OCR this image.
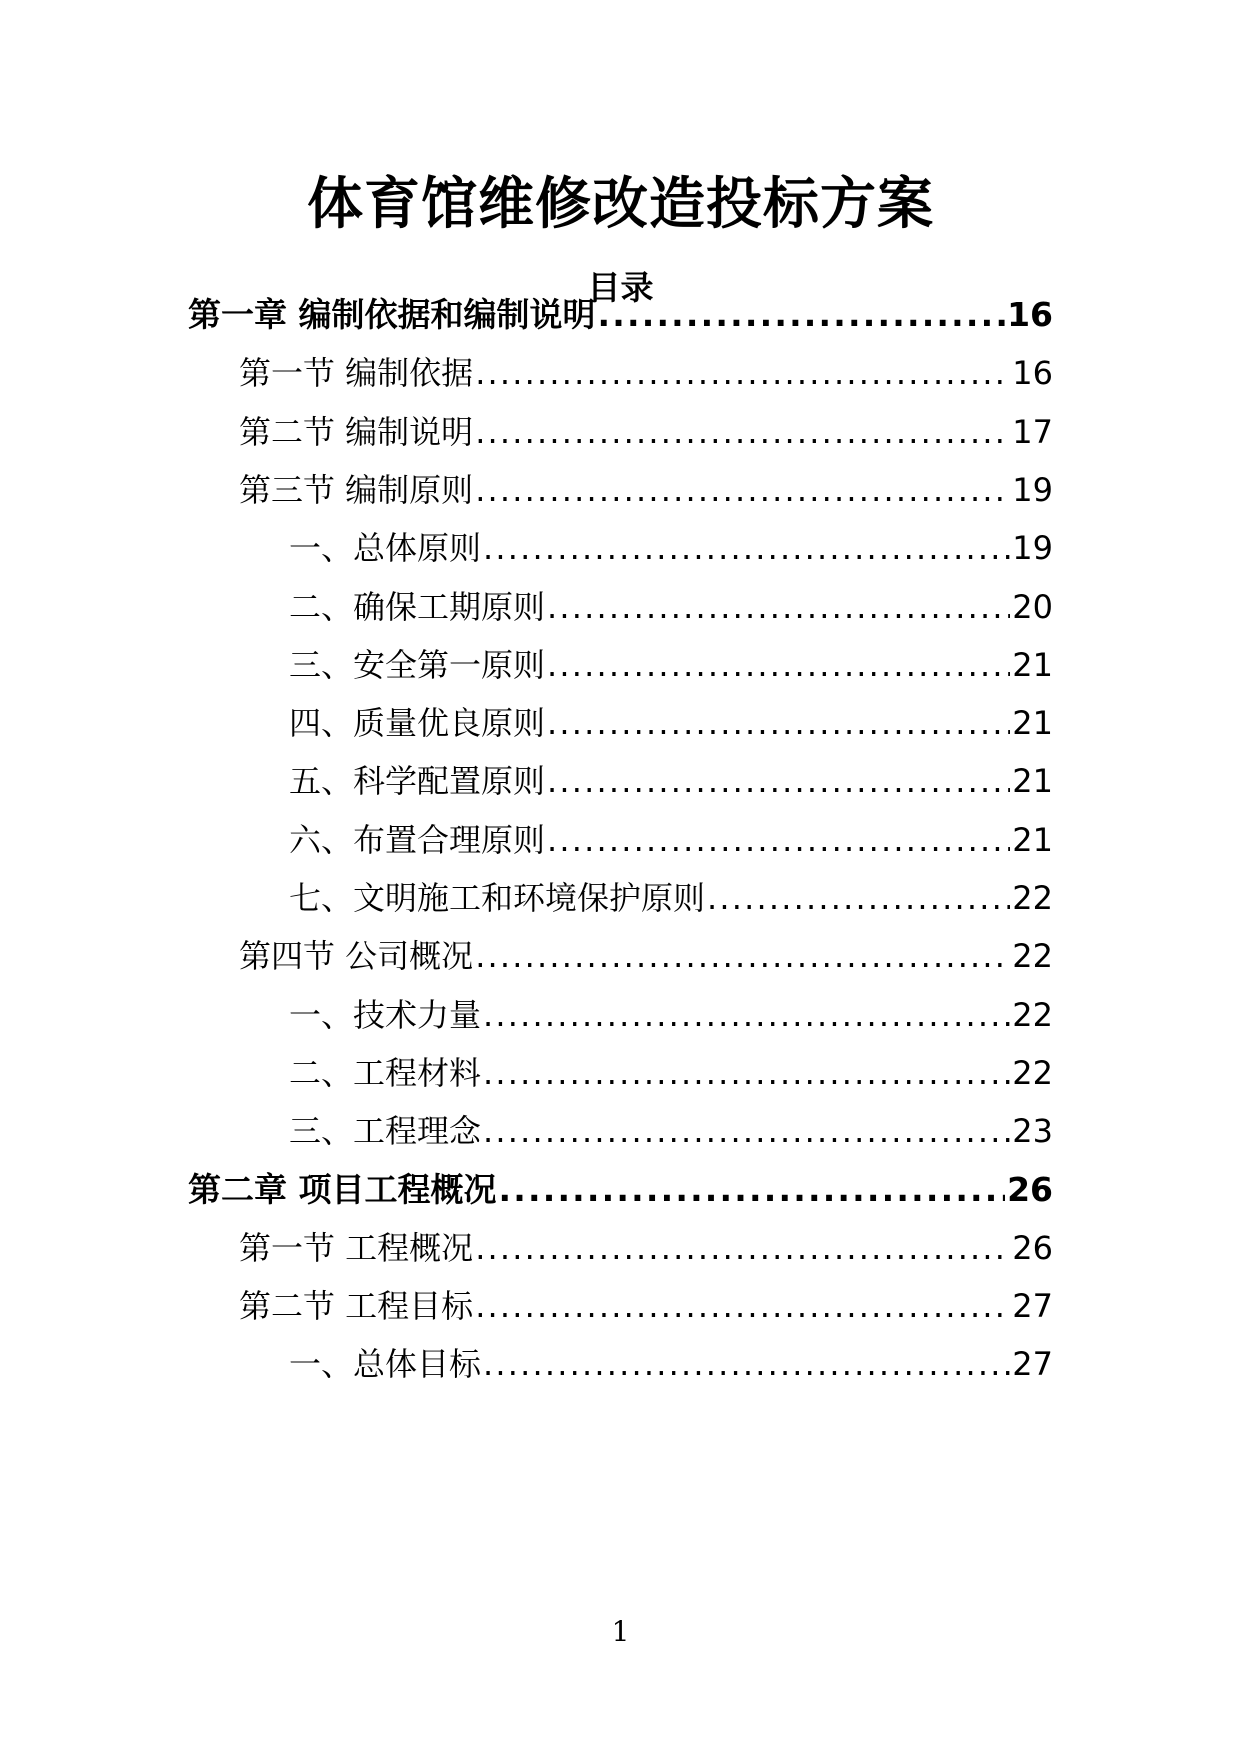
体育馆维修改造投标方案
目录
第一章 编制依据和编制说明 .....	16
第一节 编制依据 .....	16
第二节 编制说明 .....	17
第三节 编制原则 .....	19
一、总体原则 .....	19
二、确保工期原则 .....	20
三、安全第一原则 .....	21
四、质量优良原则 .....	21
五、科学配置原则 .....	21
六、布置合理原则 .....	21
七、文明施工和环境保护原则 .....	22
第四节 公司概况 .....	22
一、技术力量 .....	22
二、工程材料 .....	22
三、工程理念 .....	23
第二章 项目工程概况 .....	26
第一节 工程概况 .....	26
第二节 工程目标 .....	27
一、总体目标 .....	27
1
